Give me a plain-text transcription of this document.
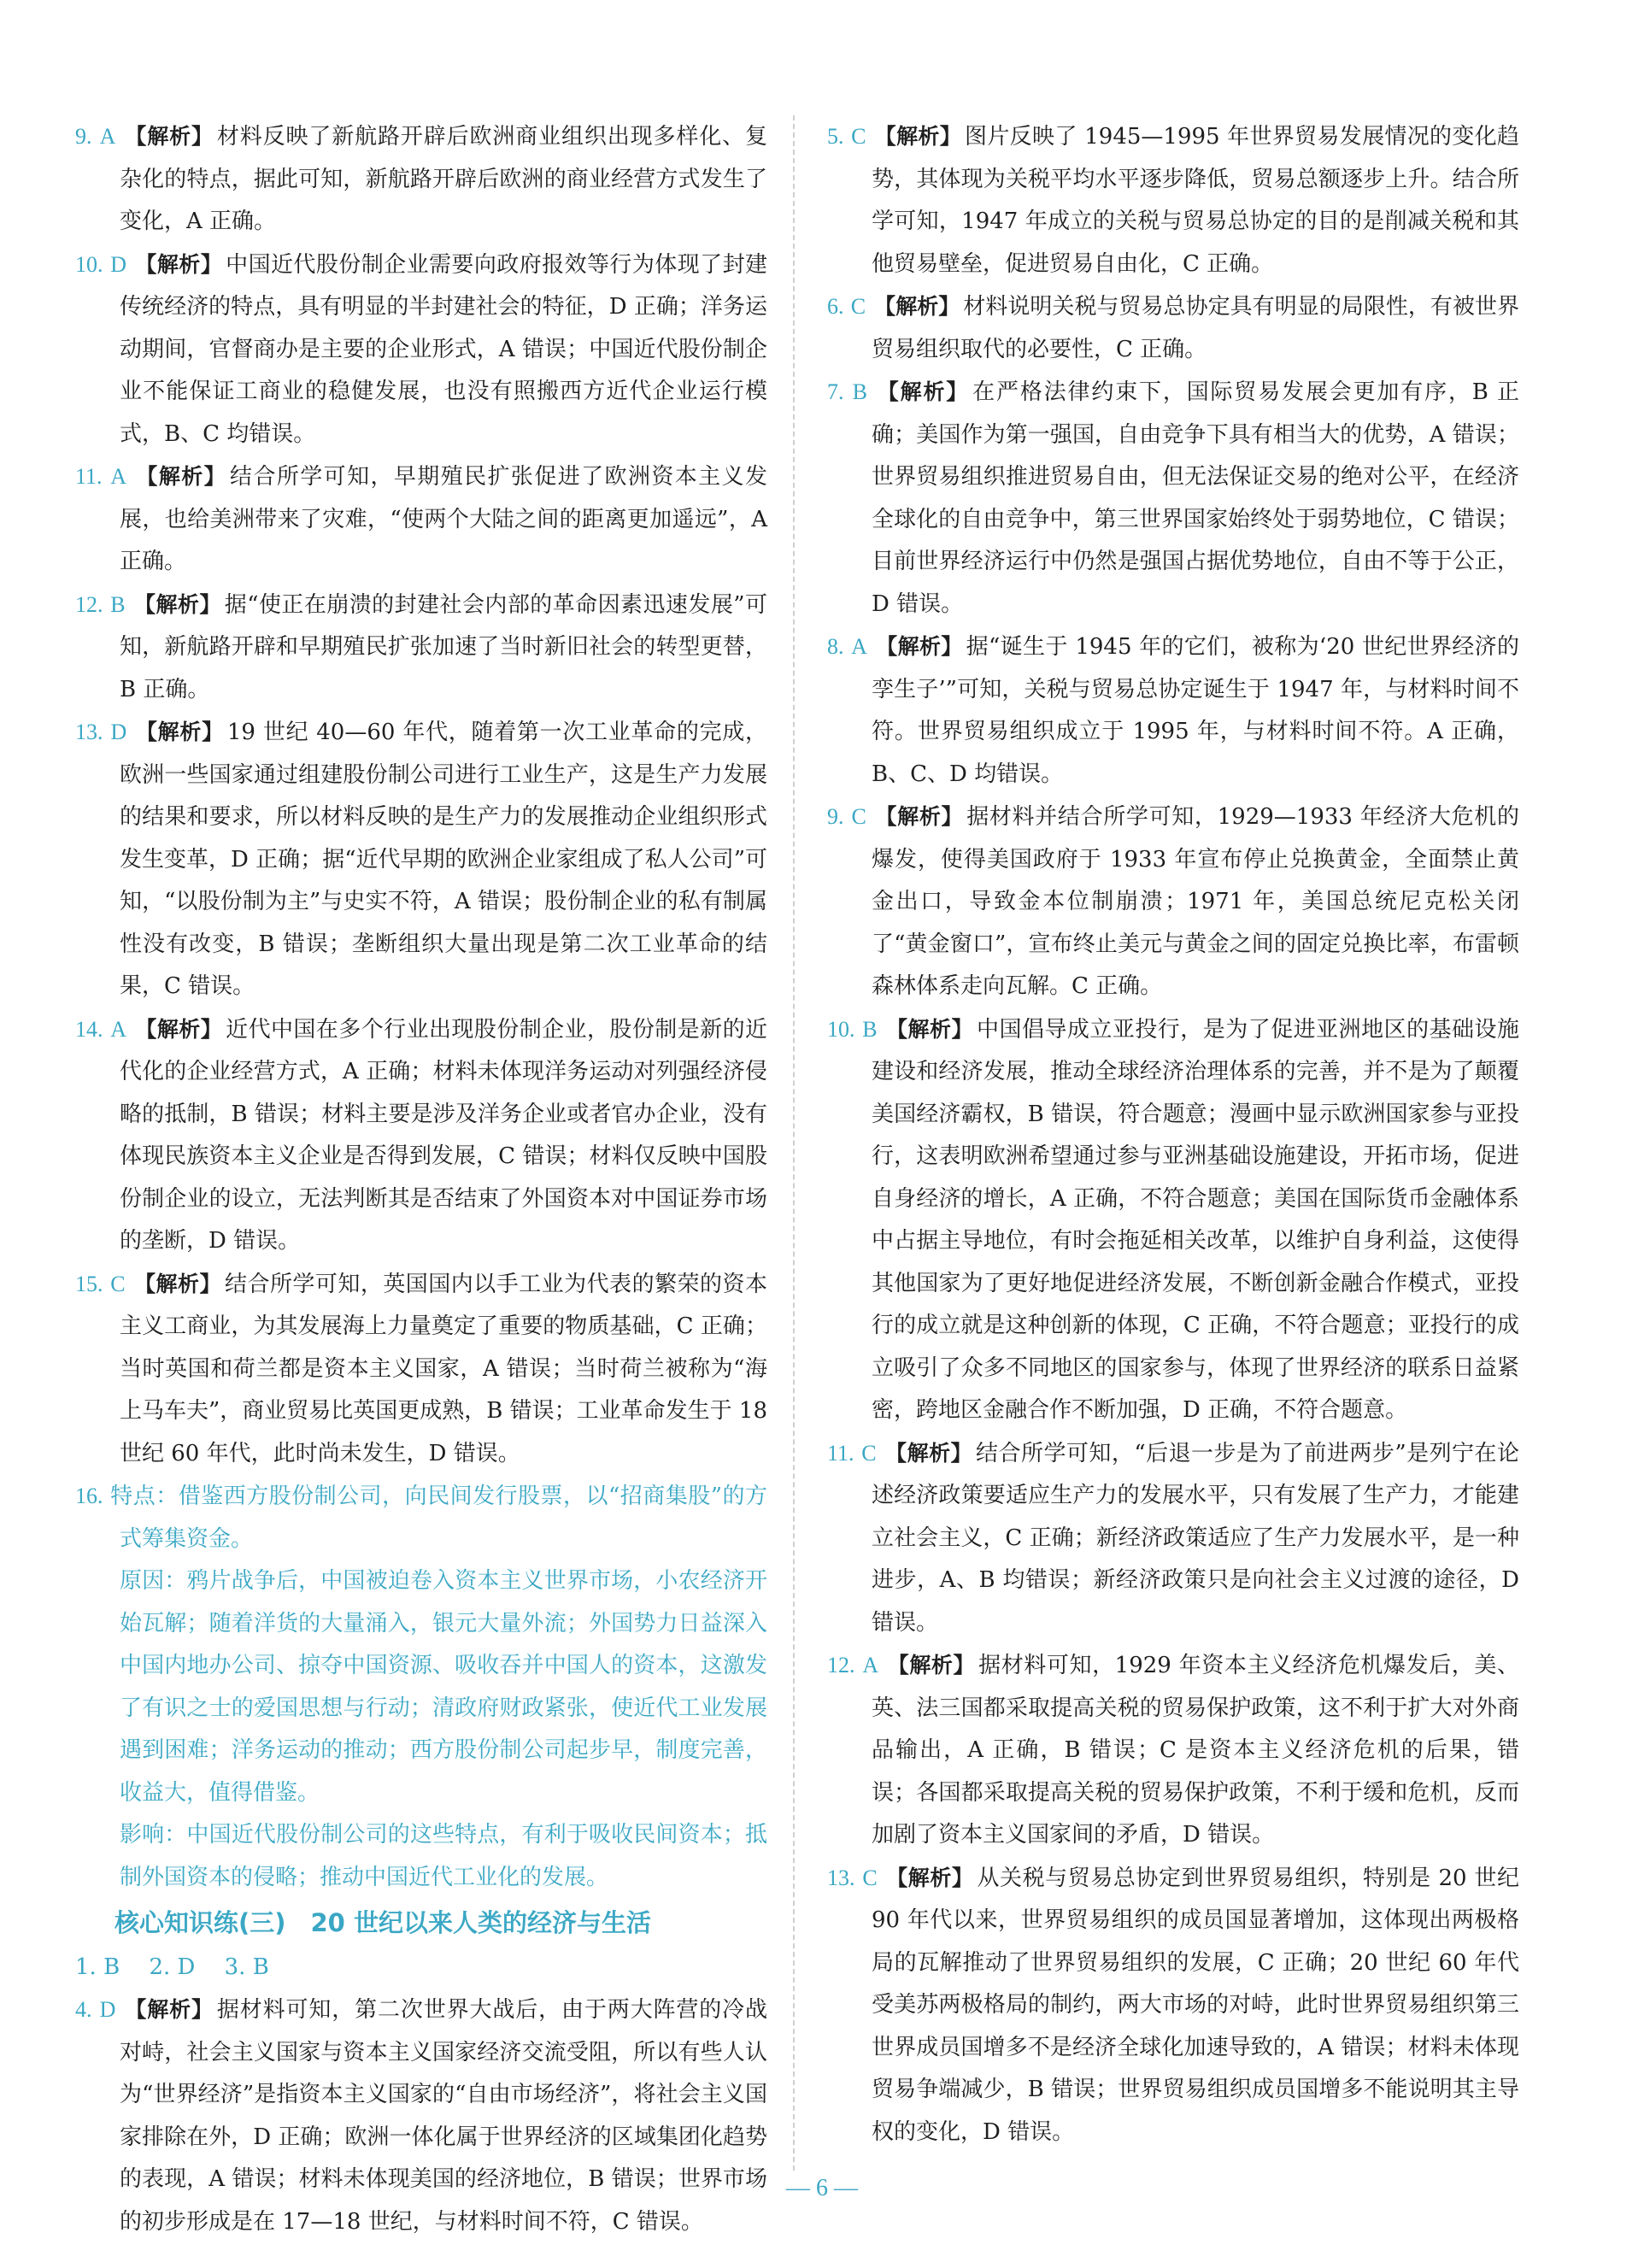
9. A 【解析】 材料反映了新航路开辟后欧洲商业组织出现多样化、复杂化的特点，据此可知，新航路开辟后欧洲的商业经营方式发生了变化，A 正确。
10. D 【解析】 中国近代股份制企业需要向政府报效等行为体现了封建传统经济的特点，具有明显的半封建社会的特征，D 正确；洋务运动期间，官督商办是主要的企业形式，A 错误；中国近代股份制企业不能保证工商业的稳健发展，也没有照搬西方近代企业运行模式，B、C 均错误。
11. A 【解析】 结合所学可知，早期殖民扩张促进了欧洲资本主义发展，也给美洲带来了灾难，“使两个大陆之间的距离更加遥远”，A 正确。
12. B 【解析】 据“使正在崩溃的封建社会内部的革命因素迅速发展”可知，新航路开辟和早期殖民扩张加速了当时新旧社会的转型更替，B 正确。
13. D 【解析】 19 世纪 40—60 年代，随着第一次工业革命的完成，欧洲一些国家通过组建股份制公司进行工业生产，这是生产力发展的结果和要求，所以材料反映的是生产力的发展推动企业组织形式发生变革，D 正确；据“近代早期的欧洲企业家组成了私人公司”可知，“以股份制为主”与史实不符，A 错误；股份制企业的私有制属性没有改变，B 错误；垄断组织大量出现是第二次工业革命的结果，C 错误。
14. A 【解析】 近代中国在多个行业出现股份制企业，股份制是新的近代化的企业经营方式，A 正确；材料未体现洋务运动对列强经济侵略的抵制，B 错误；材料主要是涉及洋务企业或者官办企业，没有体现民族资本主义企业是否得到发展，C 错误；材料仅反映中国股份制企业的设立，无法判断其是否结束了外国资本对中国证券市场的垄断，D 错误。
15. C 【解析】 结合所学可知，英国国内以手工业为代表的繁荣的资本主义工商业，为其发展海上力量奠定了重要的物质基础，C 正确；当时英国和荷兰都是资本主义国家，A 错误；当时荷兰被称为“海上马车夫”，商业贸易比英国更成熟，B 错误；工业革命发生于 18 世纪 60 年代，此时尚未发生，D 错误。
16. 特点：借鉴西方股份制公司，向民间发行股票，以“招商集股”的方式筹集资金。
原因：鸦片战争后，中国被迫卷入资本主义世界市场，小农经济开始瓦解；随着洋货的大量涌入，银元大量外流；外国势力日益深入中国内地办公司、掠夺中国资源、吸收吞并中国人的资本，这激发了有识之士的爱国思想与行动；清政府财政紧张，使近代工业发展遇到困难；洋务运动的推动；西方股份制公司起步早，制度完善，收益大，值得借鉴。
影响：中国近代股份制公司的这些特点，有利于吸收民间资本；抵制外国资本的侵略；推动中国近代工业化的发展。
核心知识练(三)　20 世纪以来人类的经济与生活
1. B 2. D 3. B
4. D 【解析】 据材料可知，第二次世界大战后，由于两大阵营的冷战对峙，社会主义国家与资本主义国家经济交流受阻，所以有些人认为“世界经济”是指资本主义国家的“自由市场经济”，将社会主义国家排除在外，D 正确；欧洲一体化属于世界经济的区域集团化趋势的表现，A 错误；材料未体现美国的经济地位，B 错误；世界市场的初步形成是在 17—18 世纪，与材料时间不符，C 错误。
5. C 【解析】 图片反映了 1945—1995 年世界贸易发展情况的变化趋势，其体现为关税平均水平逐步降低，贸易总额逐步上升。结合所学可知，1947 年成立的关税与贸易总协定的目的是削减关税和其他贸易壁垒，促进贸易自由化，C 正确。
6. C 【解析】 材料说明关税与贸易总协定具有明显的局限性，有被世界贸易组织取代的必要性，C 正确。
7. B 【解析】 在严格法律约束下，国际贸易发展会更加有序，B 正确；美国作为第一强国，自由竞争下具有相当大的优势，A 错误；世界贸易组织推进贸易自由，但无法保证交易的绝对公平，在经济全球化的自由竞争中，第三世界国家始终处于弱势地位，C 错误；目前世界经济运行中仍然是强国占据优势地位，自由不等于公正，D 错误。
8. A 【解析】 据“诞生于 1945 年的它们，被称为‘20 世纪世界经济的孪生子’”可知，关税与贸易总协定诞生于 1947 年，与材料时间不符。世界贸易组织成立于 1995 年，与材料时间不符。A 正确，B、C、D 均错误。
9. C 【解析】 据材料并结合所学可知，1929—1933 年经济大危机的爆发，使得美国政府于 1933 年宣布停止兑换黄金，全面禁止黄金出口，导致金本位制崩溃；1971 年，美国总统尼克松关闭了“黄金窗口”，宣布终止美元与黄金之间的固定兑换比率，布雷顿森林体系走向瓦解。C 正确。
10. B 【解析】 中国倡导成立亚投行，是为了促进亚洲地区的基础设施建设和经济发展，推动全球经济治理体系的完善，并不是为了颠覆美国经济霸权，B 错误，符合题意；漫画中显示欧洲国家参与亚投行，这表明欧洲希望通过参与亚洲基础设施建设，开拓市场，促进自身经济的增长，A 正确，不符合题意；美国在国际货币金融体系中占据主导地位，有时会拖延相关改革，以维护自身利益，这使得其他国家为了更好地促进经济发展，不断创新金融合作模式，亚投行的成立就是这种创新的体现，C 正确，不符合题意；亚投行的成立吸引了众多不同地区的国家参与，体现了世界经济的联系日益紧密，跨地区金融合作不断加强，D 正确，不符合题意。
11. C 【解析】 结合所学可知，“后退一步是为了前进两步”是列宁在论述经济政策要适应生产力的发展水平，只有发展了生产力，才能建立社会主义，C 正确；新经济政策适应了生产力发展水平，是一种进步，A、B 均错误；新经济政策只是向社会主义过渡的途径，D 错误。
12. A 【解析】 据材料可知，1929 年资本主义经济危机爆发后，美、英、法三国都采取提高关税的贸易保护政策，这不利于扩大对外商品输出，A 正确，B 错误；C 是资本主义经济危机的后果，错误；各国都采取提高关税的贸易保护政策，不利于缓和危机，反而加剧了资本主义国家间的矛盾，D 错误。
13. C 【解析】 从关税与贸易总协定到世界贸易组织，特别是 20 世纪 90 年代以来，世界贸易组织的成员国显著增加，这体现出两极格局的瓦解推动了世界贸易组织的发展，C 正确；20 世纪 60 年代受美苏两极格局的制约，两大市场的对峙，此时世界贸易组织第三世界成员国增多不是经济全球化加速导致的，A 错误；材料未体现贸易争端减少，B 错误；世界贸易组织成员国增多不能说明其主导权的变化，D 错误。
— 6 —
